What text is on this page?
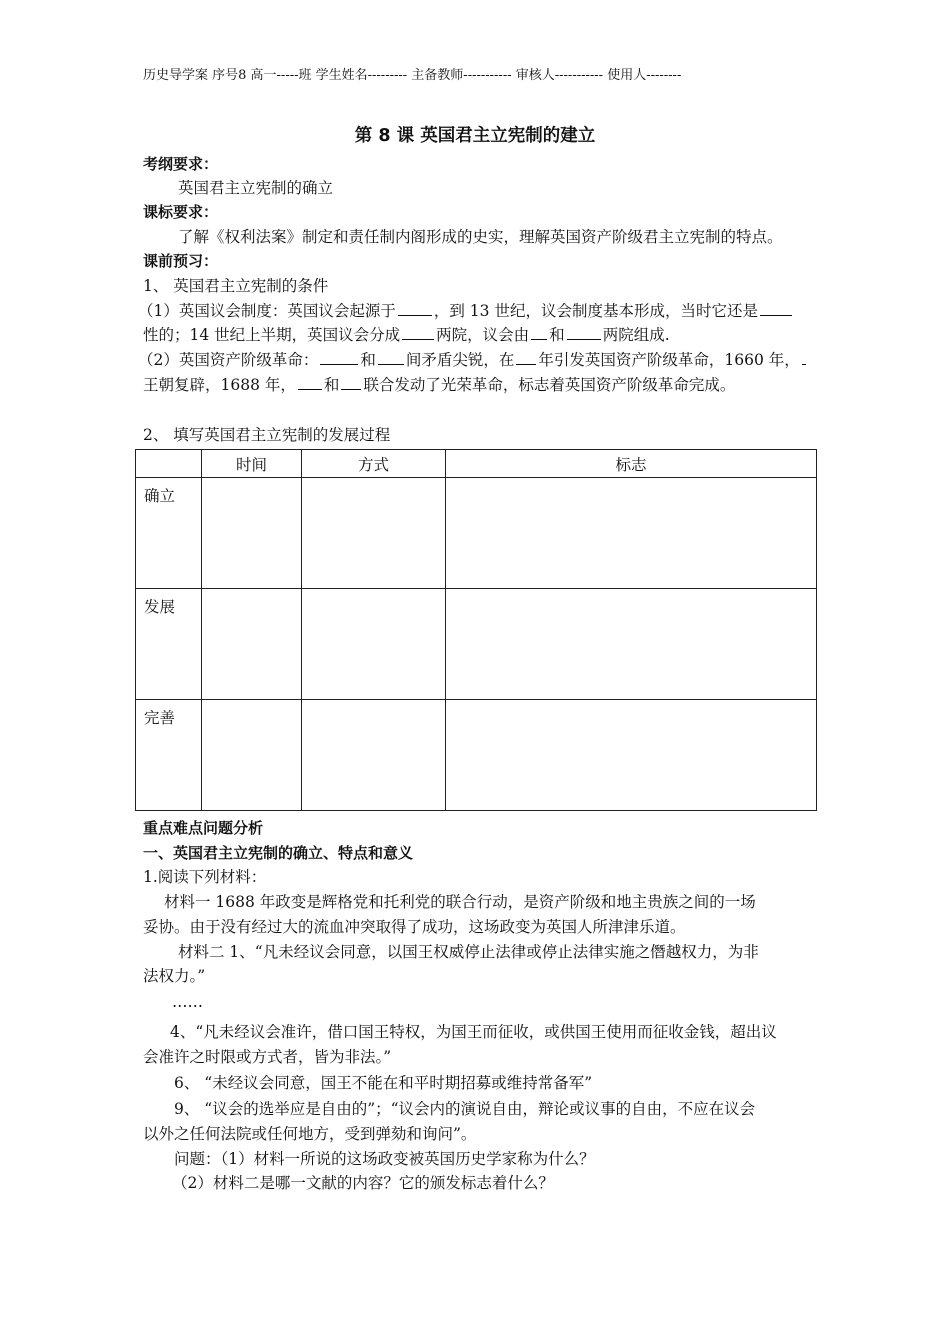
历史导学案 序号8 高一-----班 学生姓名--------- 主备教师----------- 审核人----------- 使用人--------
第 8 课 英国君主立宪制的建立
考纲要求：
英国君主立宪制的确立
课标要求：
了解《权利法案》制定和责任制内阁形成的史实，理解英国资产阶级君主立宪制的特点。
课前预习：
1、 英国君主立宪制的条件
（1）英国议会制度：英国议会起源于 ，到 13 世纪，议会制度基本形成，当时它还是
性的；14 世纪上半期，英国议会分成 两院，议会由 和 两院组成.
（2）英国资产阶级革命：	和 间矛盾尖锐，在 年引发英国资产阶级革命，1660 年，
王朝复辟，1688 年， 和 联合发动了光荣革命，标志着英国资产阶级革命完成。
2、 填写英国君主立宪制的发展过程
	时间	方式	标志
确立			
发展			
完善			
重点难点问题分析
一、英国君主立宪制的确立、特点和意义
1.阅读下列材料：
材料一 1688 年政变是辉格党和托利党的联合行动，是资产阶级和地主贵族之间的一场
妥协。由于没有经过大的流血冲突取得了成功，这场政变为英国人所津津乐道。
材料二 1、“凡未经议会同意，以国王权威停止法律或停止法律实施之僭越权力，为非
法权力。”
……
4、“凡未经议会准许，借口国王特权，为国王而征收，或供国王使用而征收金钱，超出议
会准许之时限或方式者，皆为非法。”
6、 “未经议会同意，国王不能在和平时期招募或维持常备军”
9、 “议会的选举应是自由的”；“议会内的演说自由，辩论或议事的自由，不应在议会
以外之任何法院或任何地方，受到弹劾和询问”。
问题：（1）材料一所说的这场政变被英国历史学家称为什么？
（2）材料二是哪一文献的内容？它的颁发标志着什么？
